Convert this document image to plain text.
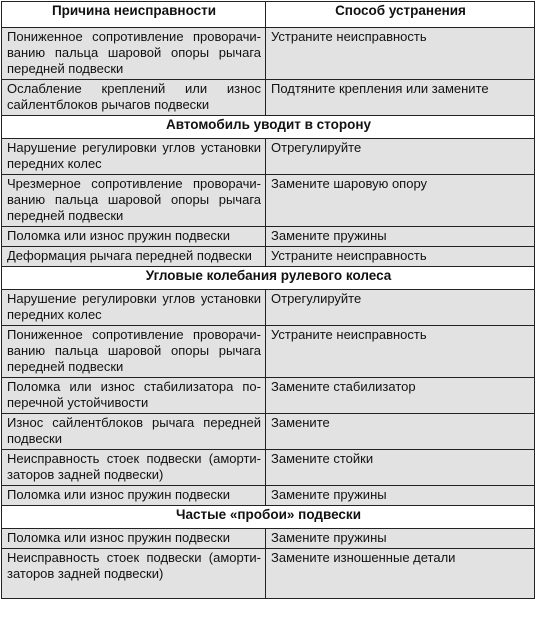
Причина неисправности	Способ устранения
Пониженное сопротивление проворачиванию пальца шаровой опоры рычага передней подвески	Устраните неисправность
Ослабление креплений или износ сайлентблоков рычагов подвески	Подтяните крепления или замените
Автомобиль уводит в сторону	
Нарушение регулировки углов установки передних колес	Отрегулируйте
Чрезмерное сопротивление проворачиванию пальца шаровой опоры рычага передней подвески	Замените шаровую опору
Поломка или износ пружин подвески	Замените пружины
Деформация рычага передней подвески	Устраните неисправность
Угловые колебания рулевого колеса	
Нарушение регулировки углов установки передних колес	Отрегулируйте
Пониженное сопротивление проворачиванию пальца шаровой опоры рычага передней подвески	Устраните неисправность
Поломка или износ стабилизатора поперечной устойчивости	Замените стабилизатор
Износ сайлентблоков рычага передней подвески	Замените
Неисправность стоек подвески (амортизаторов задней подвески)	Замените стойки
Поломка или износ пружин подвески	Замените пружины
Частые «пробои» подвески	
Поломка или износ пружин подвески	Замените пружины
Неисправность стоек подвески (амортизаторов задней подвески)	Замените изношенные детали
